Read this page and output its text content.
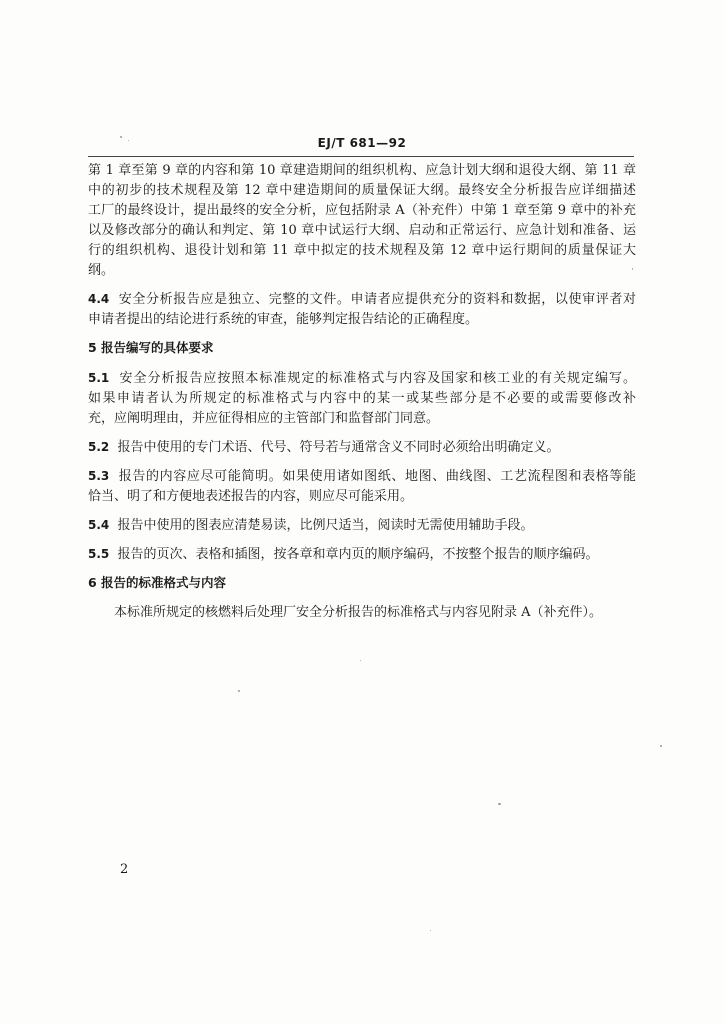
EJ/T 681—92
第 1 章至第 9 章的内容和第 10 章建造期间的组织机构、应急计划大纲和退役大纲、第 11 章
中的初步的技术规程及第 12 章中建造期间的质量保证大纲。最终安全分析报告应详细描述
工厂的最终设计，提出最终的安全分析，应包括附录 A（补充件）中第 1 章至第 9 章中的补充
以及修改部分的确认和判定、第 10 章中试运行大纲、启动和正常运行、应急计划和准备、运
行的组织机构、退役计划和第 11 章中拟定的技术规程及第 12 章中运行期间的质量保证大
纲。
4.4 安全分析报告应是独立、完整的文件。申请者应提供充分的资料和数据，以使审评者对
申请者提出的结论进行系统的审查，能够判定报告结论的正确程度。
5 报告编写的具体要求
5.1 安全分析报告应按照本标准规定的标准格式与内容及国家和核工业的有关规定编写。
如果申请者认为所规定的标准格式与内容中的某一或某些部分是不必要的或需要修改补
充，应阐明理由，并应征得相应的主管部门和监督部门同意。
5.2 报告中使用的专门术语、代号、符号若与通常含义不同时必须给出明确定义。
5.3 报告的内容应尽可能简明。如果使用诸如图纸、地图、曲线图、工艺流程图和表格等能
恰当、明了和方便地表述报告的内容，则应尽可能采用。
5.4 报告中使用的图表应清楚易读，比例尺适当，阅读时无需使用辅助手段。
5.5 报告的页次、表格和插图，按各章和章内页的顺序编码，不按整个报告的顺序编码。
6 报告的标准格式与内容
本标准所规定的核燃料后处理厂安全分析报告的标准格式与内容见附录 A（补充件）。
2
